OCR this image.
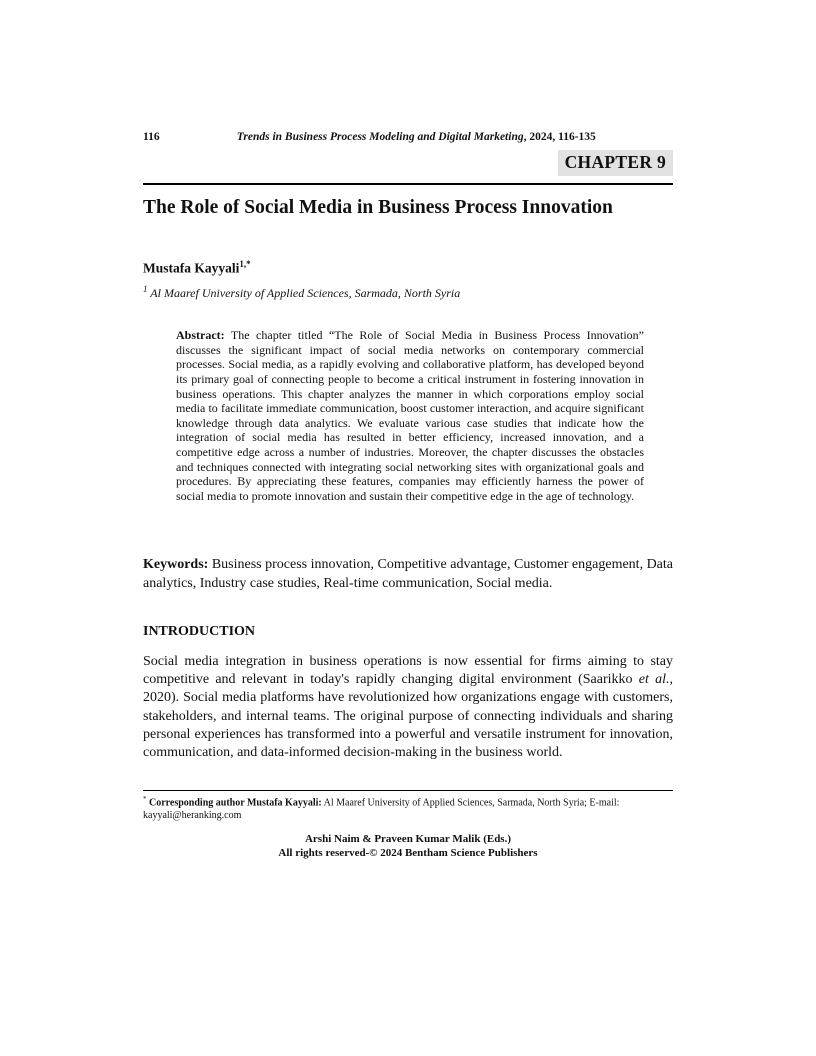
116	Trends in Business Process Modeling and Digital Marketing, 2024, 116-135
CHAPTER 9
The Role of Social Media in Business Process Innovation
Mustafa Kayyali$^{1,*}$
$^1$ Al Maaref University of Applied Sciences, Sarmada, North Syria
Abstract: The chapter titled “The Role of Social Media in Business Process Innovation” discusses the significant impact of social media networks on contemporary commercial processes. Social media, as a rapidly evolving and collaborative platform, has developed beyond its primary goal of connecting people to become a critical instrument in fostering innovation in business operations. This chapter analyzes the manner in which corporations employ social media to facilitate immediate communication, boost customer interaction, and acquire significant knowledge through data analytics. We evaluate various case studies that indicate how the integration of social media has resulted in better efficiency, increased innovation, and a competitive edge across a number of industries. Moreover, the chapter discusses the obstacles and techniques connected with integrating social networking sites with organizational goals and procedures. By appreciating these features, companies may efficiently harness the power of social media to promote innovation and sustain their competitive edge in the age of technology.
Keywords: Business process innovation, Competitive advantage, Customer engagement, Data analytics, Industry case studies, Real-time communication, Social media.
INTRODUCTION
Social media integration in business operations is now essential for firms aiming to stay competitive and relevant in today's rapidly changing digital environment (Saarikko et al., 2020). Social media platforms have revolutionized how organizations engage with customers, stakeholders, and internal teams. The original purpose of connecting individuals and sharing personal experiences has transformed into a powerful and versatile instrument for innovation, communication, and data-informed decision-making in the business world.
* Corresponding author Mustafa Kayyali: Al Maaref University of Applied Sciences, Sarmada, North Syria; E-mail: kayyali@heranking.com
Arshi Naim & Praveen Kumar Malik (Eds.)
All rights reserved-© 2024 Bentham Science Publishers
